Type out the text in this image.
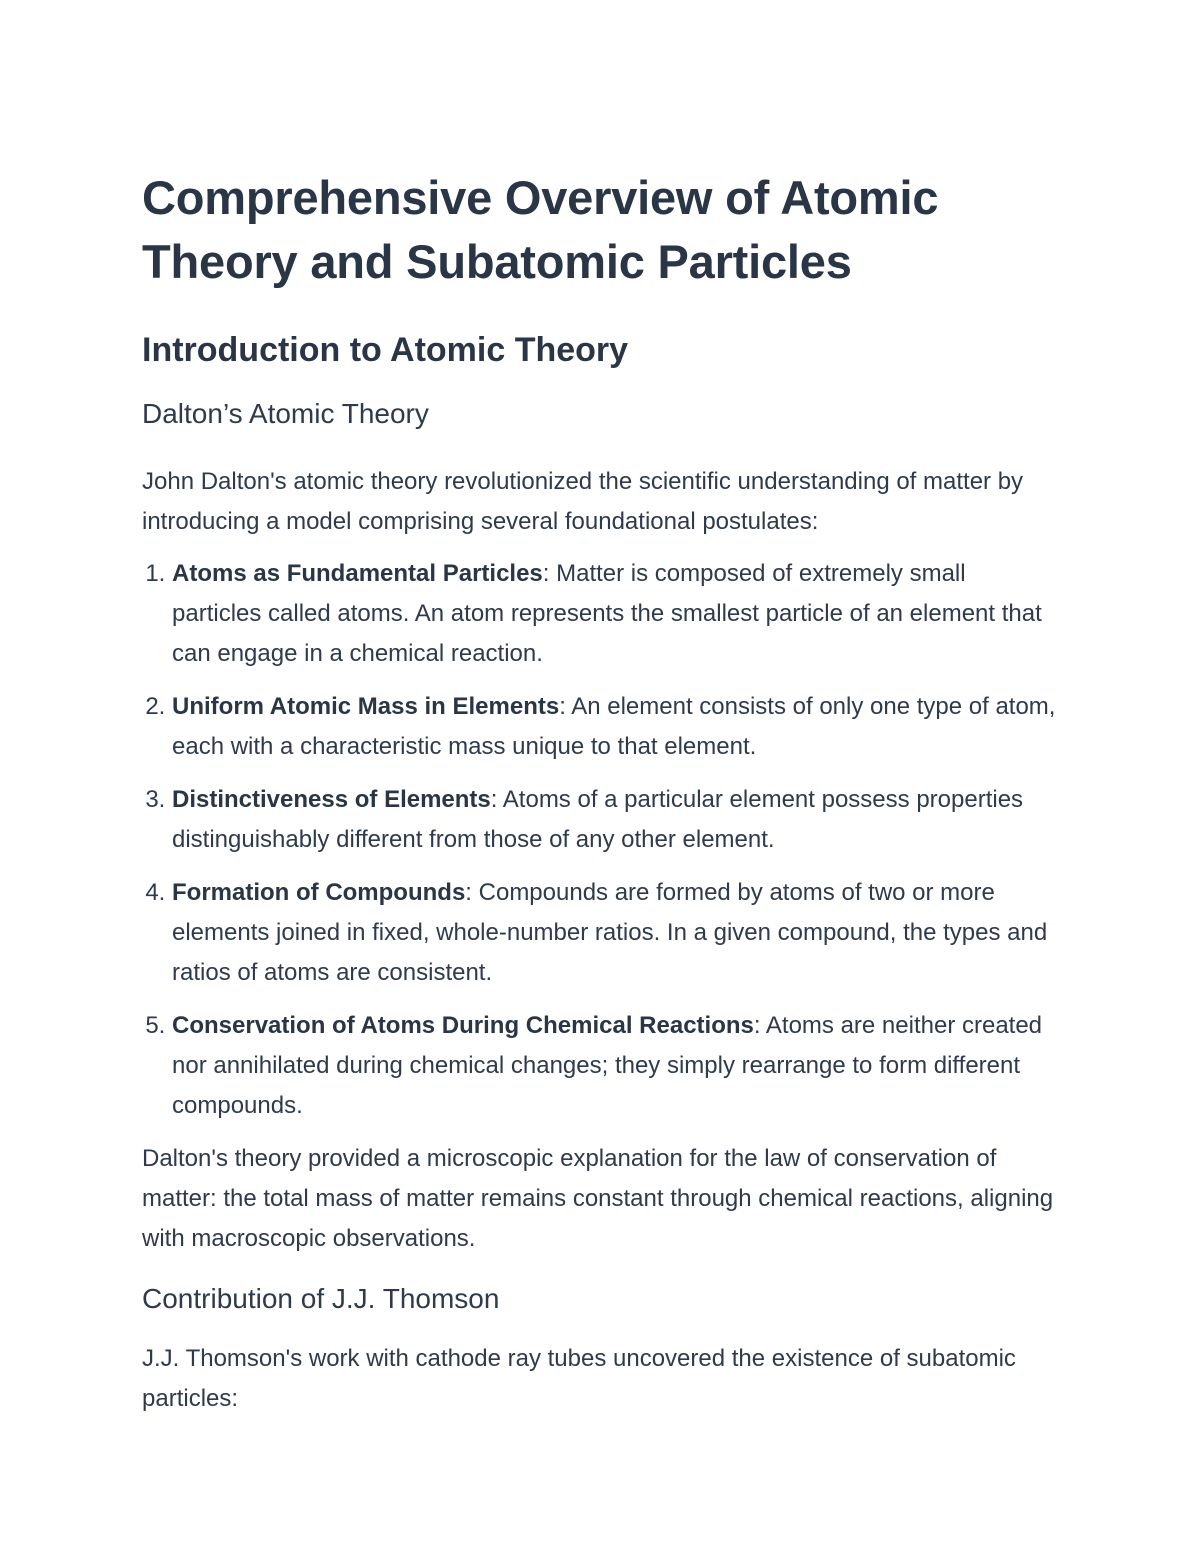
Comprehensive Overview of Atomic Theory and Subatomic Particles
Introduction to Atomic Theory
Dalton’s Atomic Theory

John Dalton's atomic theory revolutionized the scientific understanding of matter by introducing a model comprising several foundational postulates:

1. Atoms as Fundamental Particles: Matter is composed of extremely small particles called atoms. An atom represents the smallest particle of an element that can engage in a chemical reaction.
2. Uniform Atomic Mass in Elements: An element consists of only one type of atom, each with a characteristic mass unique to that element.
3. Distinctiveness of Elements: Atoms of a particular element possess properties distinguishably different from those of any other element.
4. Formation of Compounds: Compounds are formed by atoms of two or more elements joined in fixed, whole-number ratios. In a given compound, the types and ratios of atoms are consistent.
5. Conservation of Atoms During Chemical Reactions: Atoms are neither created nor annihilated during chemical changes; they simply rearrange to form different compounds.

Dalton's theory provided a microscopic explanation for the law of conservation of matter: the total mass of matter remains constant through chemical reactions, aligning with macroscopic observations.

Contribution of J.J. Thomson

J.J. Thomson's work with cathode ray tubes uncovered the existence of subatomic particles:
